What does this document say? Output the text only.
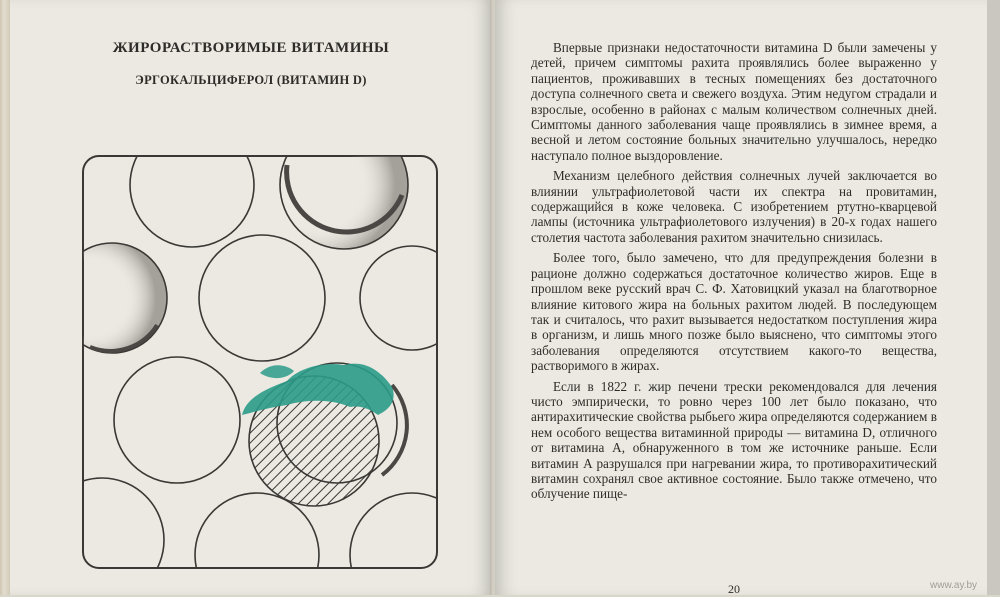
ЖИРОРАСТВОРИМЫЕ ВИТАМИНЫ
ЭРГОКАЛЬЦИФЕРОЛ (ВИТАМИН D)

Впервые признаки недостаточности витамина D были замечены у детей, причем симптомы рахита проявлялись более выраженно у пациентов, проживавших в тесных помещениях без достаточного доступа солнечного света и свежего воздуха. Этим недугом страдали и взрослые, особенно в районах с малым количеством солнечных дней. Симптомы данного заболевания чаще проявлялись в зимнее время, а весной и летом состояние больных значительно улучшалось, нередко наступало полное выздоровление.

Механизм целебного действия солнечных лучей заключается во влиянии ультрафиолетовой части их спектра на провитамин, содержащийся в коже человека. С изобретением ртутно-кварцевой лампы (источника ультрафиолетового излучения) в 20-х годах нашего столетия частота заболевания рахитом значительно снизилась.

Более того, было замечено, что для предупреждения болезни в рационе должно содержаться достаточное количество жиров. Еще в прошлом веке русский врач С. Ф. Хатовицкий указал на благотворное влияние китового жира на больных рахитом людей. В последующем так и считалось, что рахит вызывается недостатком поступления жира в организм, и лишь много позже было выяснено, что симптомы этого заболевания определяются отсутствием какого-то вещества, растворимого в жирах.

Если в 1822 г. жир печени трески рекомендовался для лечения чисто эмпирически, то ровно через 100 лет было показано, что антирахитические свойства рыбьего жира определяются содержанием в нем особого вещества витаминной природы — витамина D, отличного от витамина A, обнаруженного в том же источнике раньше. Если витамин A разрушался при нагревании жира, то противорахитический витамин сохранял свое активное состояние. Было также отмечено, что облучение пище-

20	www.ay.by
